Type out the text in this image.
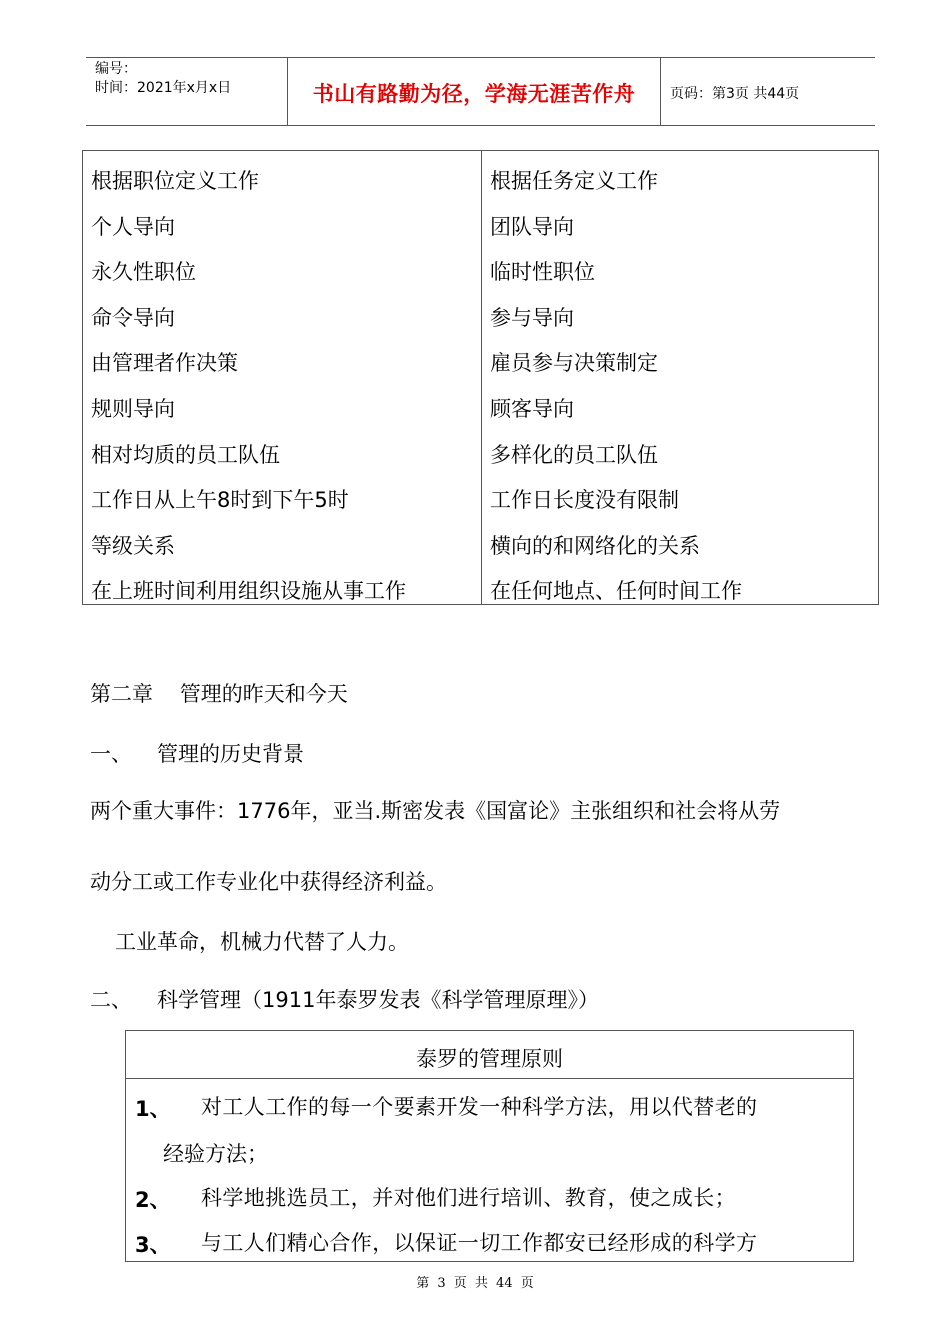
编号：
时间：2021年x月x日	书山有路勤为径，学海无涯苦作舟	页码：第3页 共44页
根据职位定义工作
个人导向
永久性职位
命令导向
由管理者作决策
规则导向
相对均质的员工队伍
工作日从上午8时到下午5时
等级关系
在上班时间利用组织设施从事工作
根据任务定义工作
团队导向
临时性职位
参与导向
雇员参与决策制定
顾客导向
多样化的员工队伍
工作日长度没有限制
横向的和网络化的关系
在任何地点、任何时间工作
第二章    管理的昨天和今天
一、 管理的历史背景
两个重大事件：1776年，亚当.斯密发表《国富论》主张组织和社会将从劳
动分工或工作专业化中获得经济利益。
工业革命，机械力代替了人力。
二、 科学管理（1911年泰罗发表《科学管理原理》）
泰罗的管理原则
1、 对工人工作的每一个要素开发一种科学方法，用以代替老的
经验方法；
2、 科学地挑选员工，并对他们进行培训、教育，使之成长；
3、 与工人们精心合作，以保证一切工作都安已经形成的科学方
第 3 页 共 44 页
